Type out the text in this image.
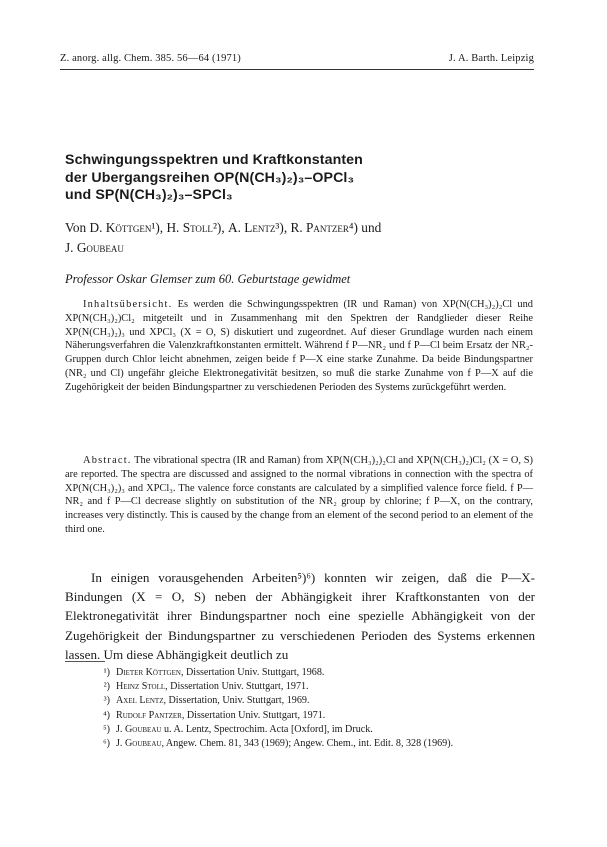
Z. anorg. allg. Chem. 385. 56—64 (1971)	J. A. Barth. Leipzig
Schwingungsspektren und Kraftkonstanten
der Ubergangsreihen OP(N(CH₃)₂)₃–OPCl₃
und SP(N(CH₃)₂)₃–SPCl₃
Von D. Köttgen¹), H. Stoll²), A. Lentz³), R. Pantzer⁴) und
J. Goubeau
Professor Oskar Glemser zum 60. Geburtstage gewidmet

Inhaltsübersicht. Es werden die Schwingungsspektren (IR und Raman) von XP(N(CH₃)₂)₂Cl und XP(N(CH₃)₂)Cl₂ mitgeteilt und in Zusammenhang mit den Spektren der Randglieder dieser Reihe XP(N(CH₃)₂)₃ und XPCl₃ (X = O, S) diskutiert und zugeordnet. Auf dieser Grundlage wurden nach einem Näherungsverfahren die Valenzkraftkonstanten ermittelt. Während f P—NR₂ und f P—Cl beim Ersatz der NR₂-Gruppen durch Chlor leicht abnehmen, zeigen beide f P—X eine starke Zunahme. Da beide Bindungspartner (NR₂ und Cl) ungefähr gleiche Elektronegativität besitzen, so muß die starke Zunahme von f P—X auf die Zugehörigkeit der beiden Bindungspartner zu verschiedenen Perioden des Systems zurückgeführt werden.

Abstract. The vibrational spectra (IR and Raman) from XP(N(CH₃)₂)₂Cl and XP(N(CH₃)₂)Cl₂ (X = O, S) are reported. The spectra are discussed and assigned to the normal vibrations in connection with the spectra of XP(N(CH₃)₂)₃ and XPCl₃. The valence force constants are calculated by a simplified valence force field. f P—NR₂ and f P—Cl decrease slightly on substitution of the NR₂ group by chlorine; f P—X, on the contrary, increases very distinctly. This is caused by the change from an element of the second period to an element of the third one.

In einigen vorausgehenden Arbeiten⁵)⁶) konnten wir zeigen, daß die P—X-Bindungen (X = O, S) neben der Abhängigkeit ihrer Kraftkonstanten von der Elektronegativität ihrer Bindungspartner noch eine spezielle Abhängigkeit von der Zugehörigkeit der Bindungspartner zu verschiedenen Perioden des Systems erkennen lassen. Um diese Abhängigkeit deutlich zu

¹) Dieter Köttgen, Dissertation Univ. Stuttgart, 1968.
²) Heinz Stoll, Dissertation Univ. Stuttgart, 1971.
³) Axel Lentz, Dissertation, Univ. Stuttgart, 1969.
⁴) Rudolf Pantzer, Dissertation Univ. Stuttgart, 1971.
⁵) J. Goubeau u. A. Lentz, Spectrochim. Acta [Oxford], im Druck.
⁶) J. Goubeau, Angew. Chem. 81, 343 (1969); Angew. Chem., int. Edit. 8, 328 (1969).
